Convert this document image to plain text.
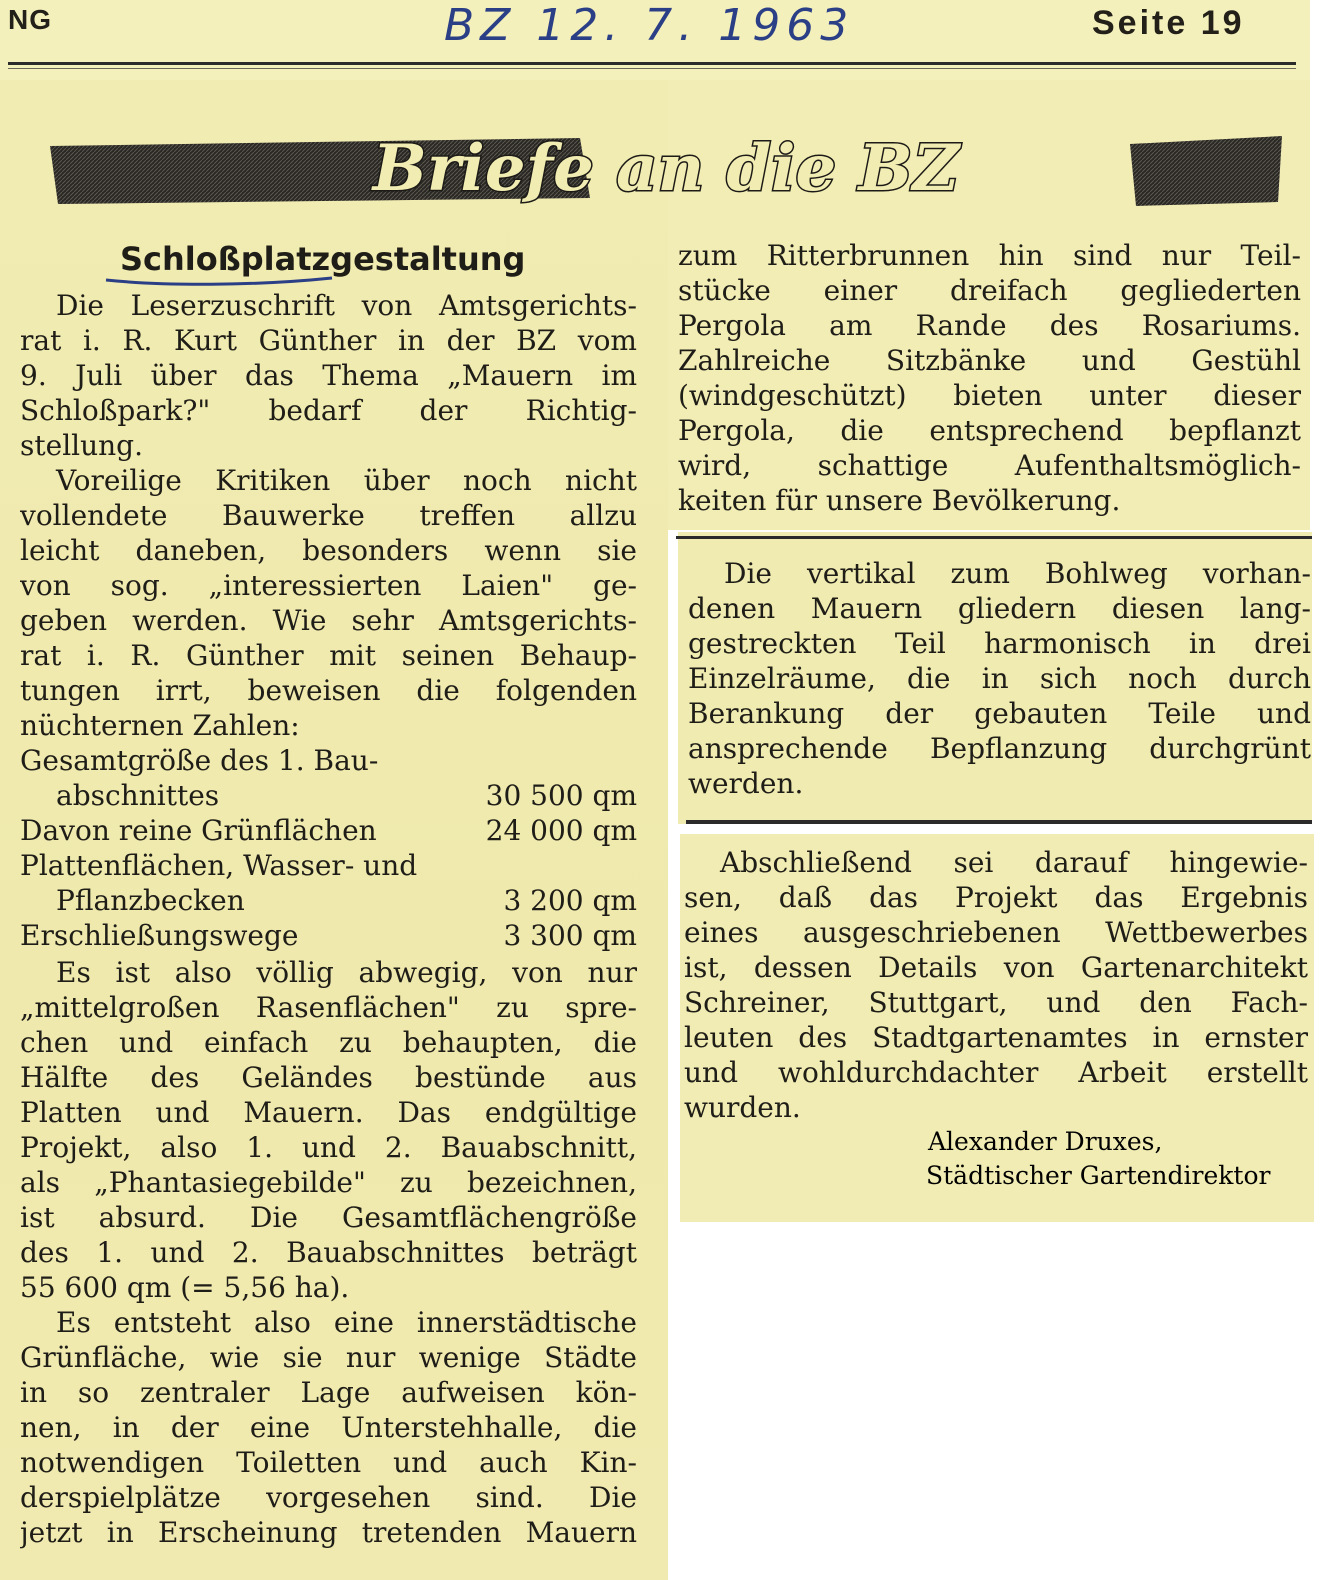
NG	BZ 12. 7. 1963	Seite 19
Briefe an die BZ
Schloßplatzgestaltung
Die Leserzuschrift von Amtsgerichts-
rat i. R. Kurt Günther in der BZ vom
9. Juli über das Thema „Mauern im
Schloßpark?" bedarf der Richtig-
stellung.
Voreilige Kritiken über noch nicht
vollendete Bauwerke treffen allzu
leicht daneben, besonders wenn sie
von sog. „interessierten Laien" ge-
geben werden. Wie sehr Amtsgerichts-
rat i. R. Günther mit seinen Behaup-
tungen irrt, beweisen die folgenden
nüchternen Zahlen:
Gesamtgröße des 1. Bau-
abschnittes	30 500 qm
Davon reine Grünflächen	24 000 qm
Plattenflächen, Wasser- und
Pflanzbecken	3 200 qm
Erschließungswege	3 300 qm
Es ist also völlig abwegig, von nur
„mittelgroßen Rasenflächen" zu spre-
chen und einfach zu behaupten, die
Hälfte des Geländes bestünde aus
Platten und Mauern. Das endgültige
Projekt, also 1. und 2. Bauabschnitt,
als „Phantasiegebilde" zu bezeichnen,
ist absurd. Die Gesamtflächengröße
des 1. und 2. Bauabschnittes beträgt
55 600 qm (= 5,56 ha).
Es entsteht also eine innerstädtische
Grünfläche, wie sie nur wenige Städte
in so zentraler Lage aufweisen kön-
nen, in der eine Unterstehhalle, die
notwendigen Toiletten und auch Kin-
derspielplätze vorgesehen sind. Die
jetzt in Erscheinung tretenden Mauern
zum Ritterbrunnen hin sind nur Teil-
stücke einer dreifach gegliederten
Pergola am Rande des Rosariums.
Zahlreiche Sitzbänke und Gestühl
(windgeschützt) bieten unter dieser
Pergola, die entsprechend bepflanzt
wird, schattige Aufenthaltsmöglich-
keiten für unsere Bevölkerung.
Die vertikal zum Bohlweg vorhan-
denen Mauern gliedern diesen lang-
gestreckten Teil harmonisch in drei
Einzelräume, die in sich noch durch
Berankung der gebauten Teile und
ansprechende Bepflanzung durchgrünt
werden.
Abschließend sei darauf hingewie-
sen, daß das Projekt das Ergebnis
eines ausgeschriebenen Wettbewerbes
ist, dessen Details von Gartenarchitekt
Schreiner, Stuttgart, und den Fach-
leuten des Stadtgartenamtes in ernster
und wohldurchdachter Arbeit erstellt
wurden.
Alexander Druxes,
Städtischer Gartendirektor
